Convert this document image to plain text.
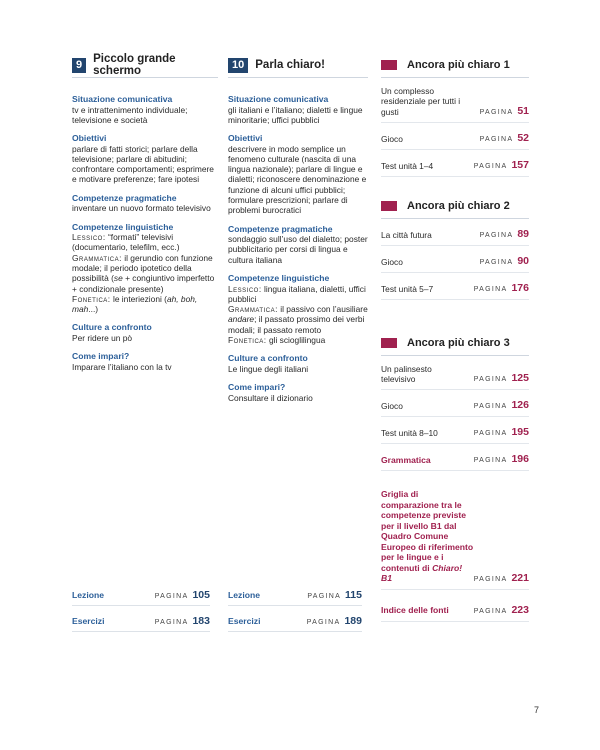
9 Piccolo grande schermo
Situazione comunicativa
tv e intrattenimento individuale; televisione e società
Obiettivi
parlare di fatti storici; parlare della televisione; parlare di abitudini; confrontare comportamenti; esprimere e motivare preferenze; fare ipotesi
Competenze pragmatiche
inventare un nuovo formato televisivo
Competenze linguistiche
Lessico: “formati” televisivi (documentario, telefilm, ecc.)
Grammatica: il gerundio con funzione modale; il periodo ipotetico della possibilità (se + congiuntivo imperfetto + condizionale presente)
Fonetica: le interiezioni (ah, boh, mah...)
Culture a confronto
Per ridere un pò
Come impari?
Imparare l’italiano con la tv
10 Parla chiaro!
Situazione comunicativa
gli italiani e l’italiano; dialetti e lingue minoritarie; uffici pubblici
Obiettivi
descrivere in modo semplice un fenomeno culturale (nascita di una lingua nazionale); parlare di lingue e dialetti; riconoscere denominazione e funzione di alcuni uffici pubblici; formulare prescrizioni; parlare di problemi burocratici
Competenze pragmatiche
sondaggio sull’uso del dialetto; poster pubblicitario per corsi di lingua e cultura italiana
Competenze linguistiche
Lessico: lingua italiana, dialetti, uffici pubblici
Grammatica: il passivo con l’ausiliare andare; il passato prossimo dei verbi modali; il passato remoto
Fonetica: gli scioglilingua
Culture a confronto
Le lingue degli italiani
Come impari?
Consultare il dizionario
Ancora più chiaro 1
Un complesso residenziale per tutti i gusti	PAGINA 51
Gioco	PAGINA 52
Test unità 1–4	PAGINA 157
Ancora più chiaro 2
La città futura	PAGINA 89
Gioco	PAGINA 90
Test unità 5–7	PAGINA 176
Ancora più chiaro 3
Un palinsesto televisivo	PAGINA 125
Gioco	PAGINA 126
Test unità 8–10	PAGINA 195
Grammatica	PAGINA 196
Griglia di comparazione tra le competenze previste per il livello B1 dal Quadro Comune Europeo di riferimento per le lingue e i contenuti di Chiaro! B1	PAGINA 221
Indice delle fonti	PAGINA 223
Lezione	PAGINA 105
Esercizi	PAGINA 183
Lezione	PAGINA 115
Esercizi	PAGINA 189
7
